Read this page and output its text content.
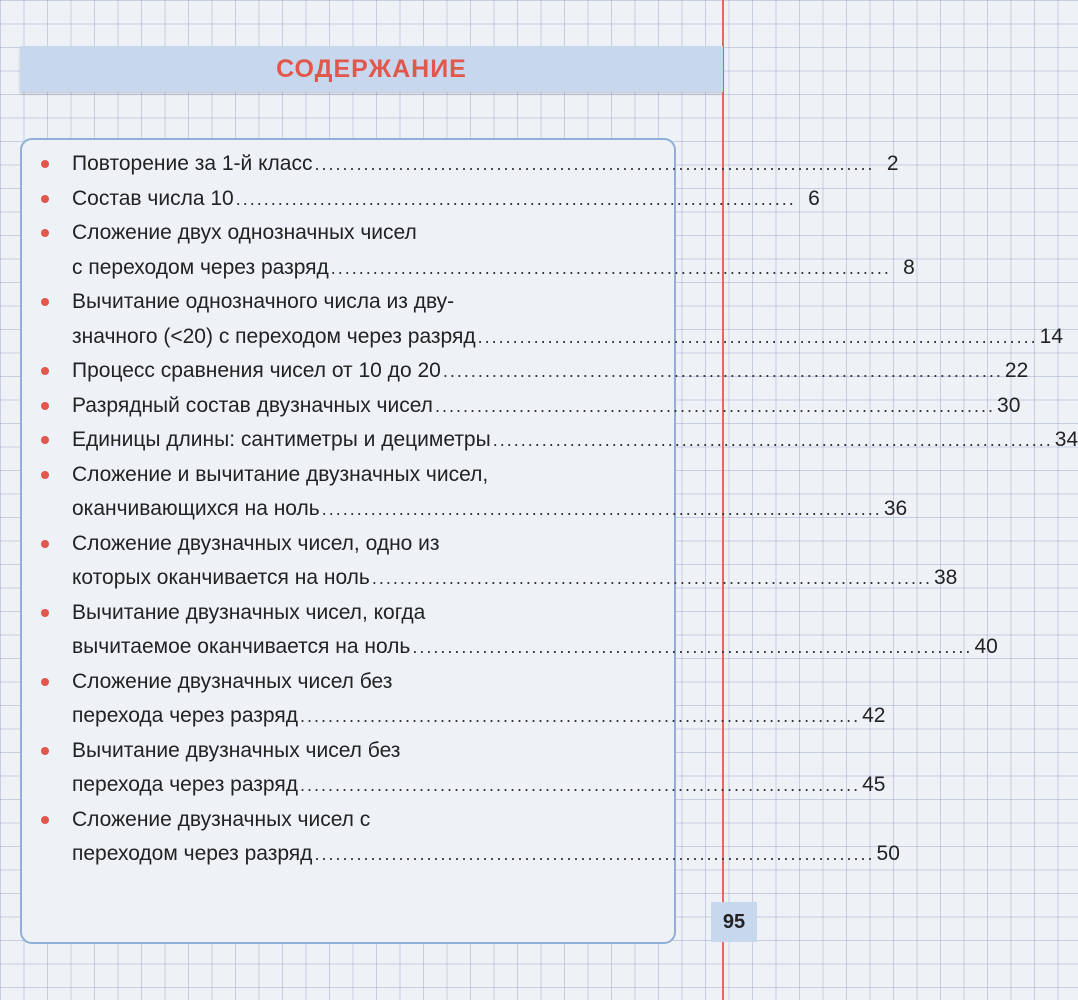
СОДЕРЖАНИЕ
Повторение за 1-й класс ................................................................................ 2
Состав числа 10 ................................................................................ 6
Сложение двух однозначных чисел
с переходом через разряд ................................................................................ 8
Вычитание однозначного числа из дву-
значного (<20) с переходом через разряд ................................................................................ 14
Процесс сравнения чисел от 10 до 20 ................................................................................ 22
Разрядный состав двузначных чисел ................................................................................ 30
Единицы длины: сантиметры и дециметры ................................................................................ 34
Сложение и вычитание двузначных чисел,
оканчивающихся на ноль ................................................................................ 36
Сложение двузначных чисел, одно из
которых оканчивается на ноль ................................................................................ 38
Вычитание двузначных чисел, когда
вычитаемое оканчивается на ноль ................................................................................ 40
Сложение двузначных чисел без
перехода через разряд ................................................................................ 42
Вычитание двузначных чисел без
перехода через разряд ................................................................................ 45
Сложение двузначных чисел с
переходом через разряд ................................................................................ 50
95
